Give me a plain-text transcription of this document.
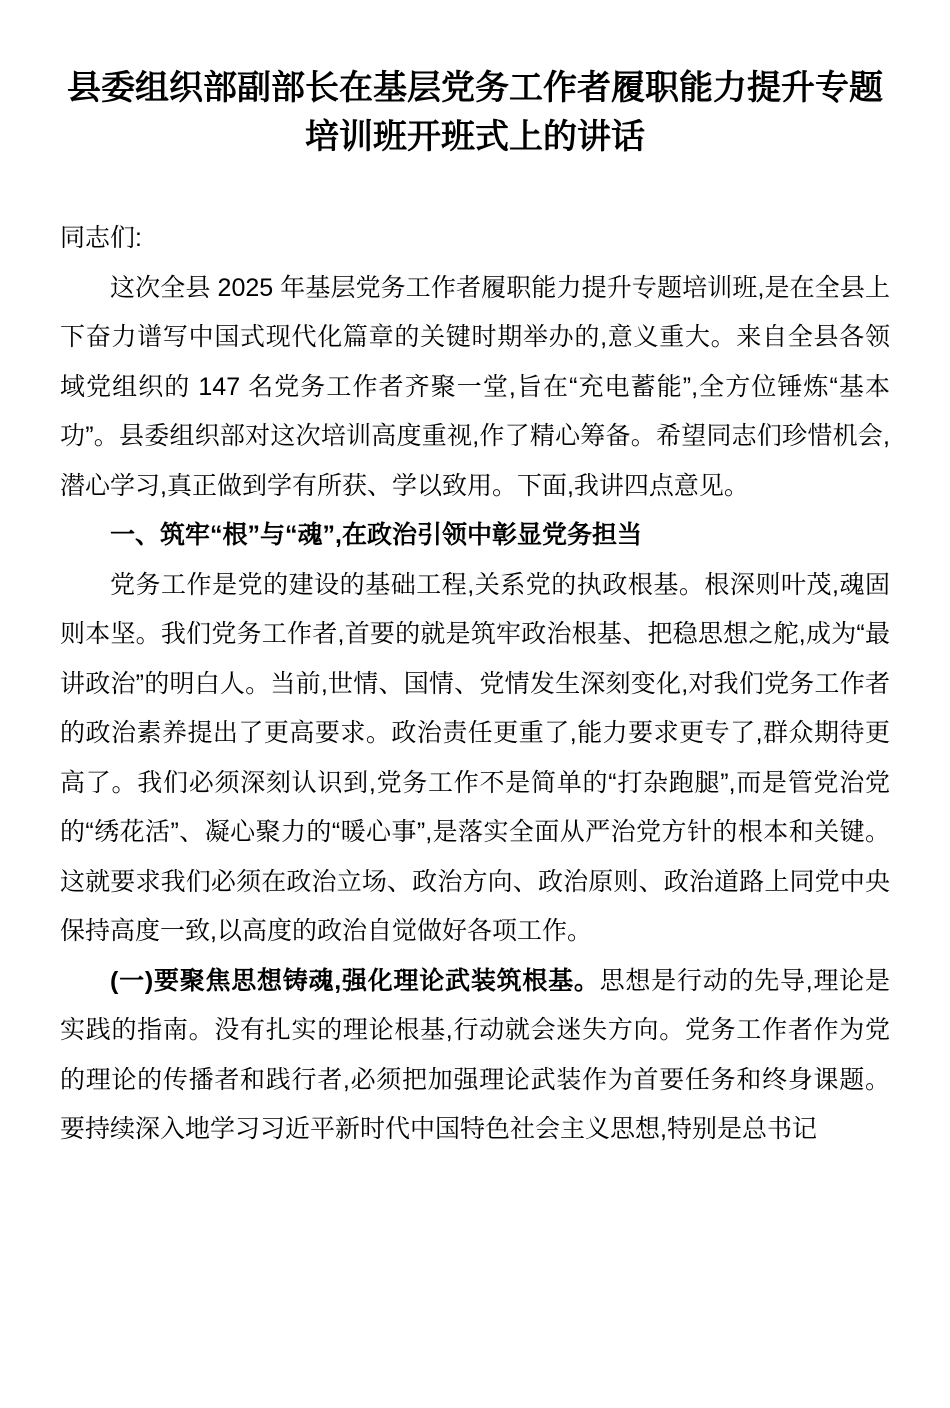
县委组织部副部长在基层党务工作者履职能力提升专题培训班开班式上的讲话

同志们:

这次全县 2025 年基层党务工作者履职能力提升专题培训班,是在全县上下奋力谱写中国式现代化篇章的关键时期举办的,意义重大。来自全县各领域党组织的 147 名党务工作者齐聚一堂,旨在“充电蓄能”,全方位锤炼“基本功”。县委组织部对这次培训高度重视,作了精心筹备。希望同志们珍惜机会,潜心学习,真正做到学有所获、学以致用。下面,我讲四点意见。

一、筑牢“根”与“魂”,在政治引领中彰显党务担当

党务工作是党的建设的基础工程,关系党的执政根基。根深则叶茂,魂固则本坚。我们党务工作者,首要的就是筑牢政治根基、把稳思想之舵,成为“最讲政治”的明白人。当前,世情、国情、党情发生深刻变化,对我们党务工作者的政治素养提出了更高要求。政治责任更重了,能力要求更专了,群众期待更高了。我们必须深刻认识到,党务工作不是简单的“打杂跑腿”,而是管党治党的“绣花活”、凝心聚力的“暖心事”,是落实全面从严治党方针的根本和关键。这就要求我们必须在政治立场、政治方向、政治原则、政治道路上同党中央保持高度一致,以高度的政治自觉做好各项工作。

(一)要聚焦思想铸魂,强化理论武装筑根基。思想是行动的先导,理论是实践的指南。没有扎实的理论根基,行动就会迷失方向。党务工作者作为党的理论的传播者和践行者,必须把加强理论武装作为首要任务和终身课题。要持续深入地学习习近平新时代中国特色社会主义思想,特别是总书记
